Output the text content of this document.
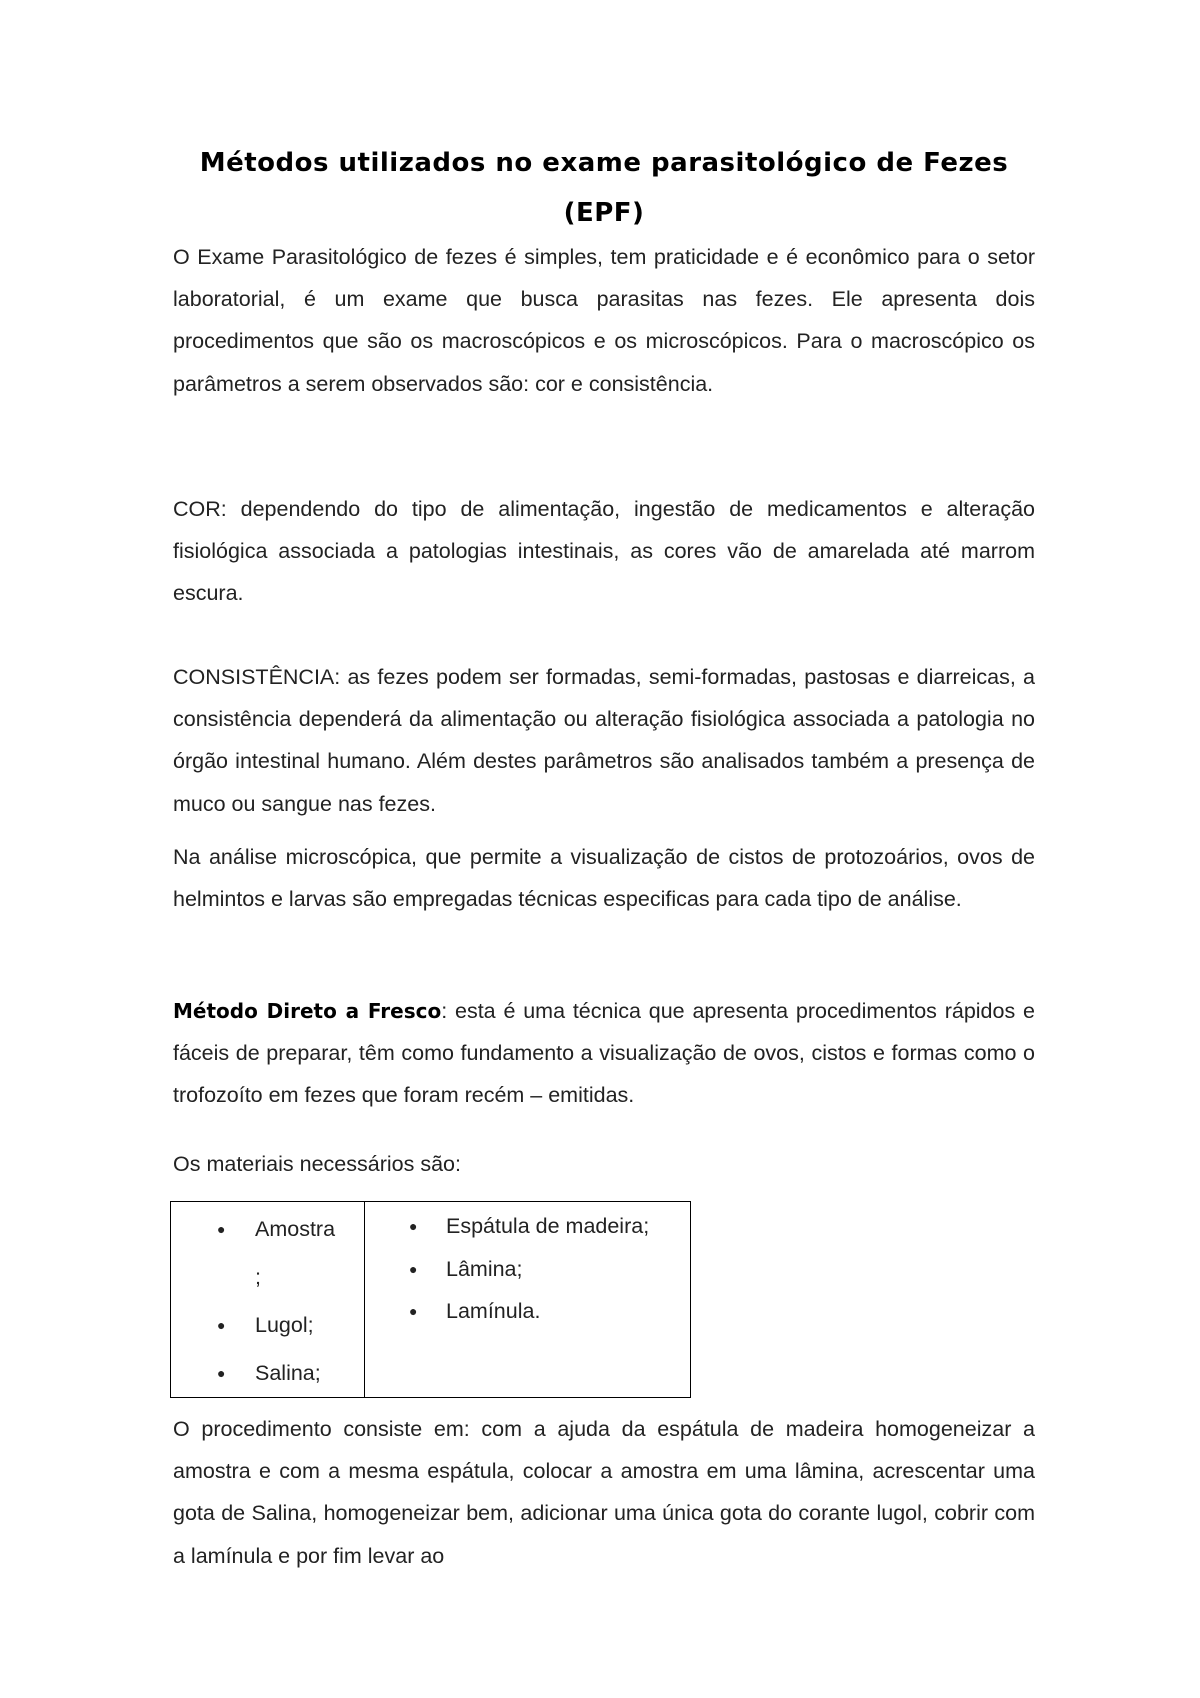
Métodos utilizados no exame parasitológico de Fezes
(EPF)

O Exame Parasitológico de fezes é simples, tem praticidade e é econômico para o setor laboratorial, é um exame que busca parasitas nas fezes. Ele apresenta dois procedimentos que são os macroscópicos e os microscópicos. Para o macroscópico os parâmetros a serem observados são: cor e consistência.

COR: dependendo do tipo de alimentação, ingestão de medicamentos e alteração fisiológica associada a patologias intestinais, as cores vão de amarelada até marrom escura.

CONSISTÊNCIA: as fezes podem ser formadas, semi-formadas, pastosas e diarreicas, a consistência dependerá da alimentação ou alteração fisiológica associada a patologia no órgão intestinal humano. Além destes parâmetros são analisados também a presença de muco ou sangue nas fezes.

Na análise microscópica, que permite a visualização de cistos de protozoários, ovos de helmintos e larvas são empregadas técnicas especificas para cada tipo de análise.

Método Direto a Fresco: esta é uma técnica que apresenta procedimentos rápidos e fáceis de preparar, têm como fundamento a visualização de ovos, cistos e formas como o trofozoíto em fezes que foram recém – emitidas.

Os materiais necessários são:

O procedimento consiste em: com a ajuda da espátula de madeira homogeneizar a amostra e com a mesma espátula, colocar a amostra em uma lâmina, acrescentar uma gota de Salina, homogeneizar bem, adicionar uma única gota do corante lugol, cobrir com a lamínula e por fim levar ao

● Amostra ;
● Lugol;
● Salina;

● Espátula de madeira;
● Lâmina;
● Lamínula.
